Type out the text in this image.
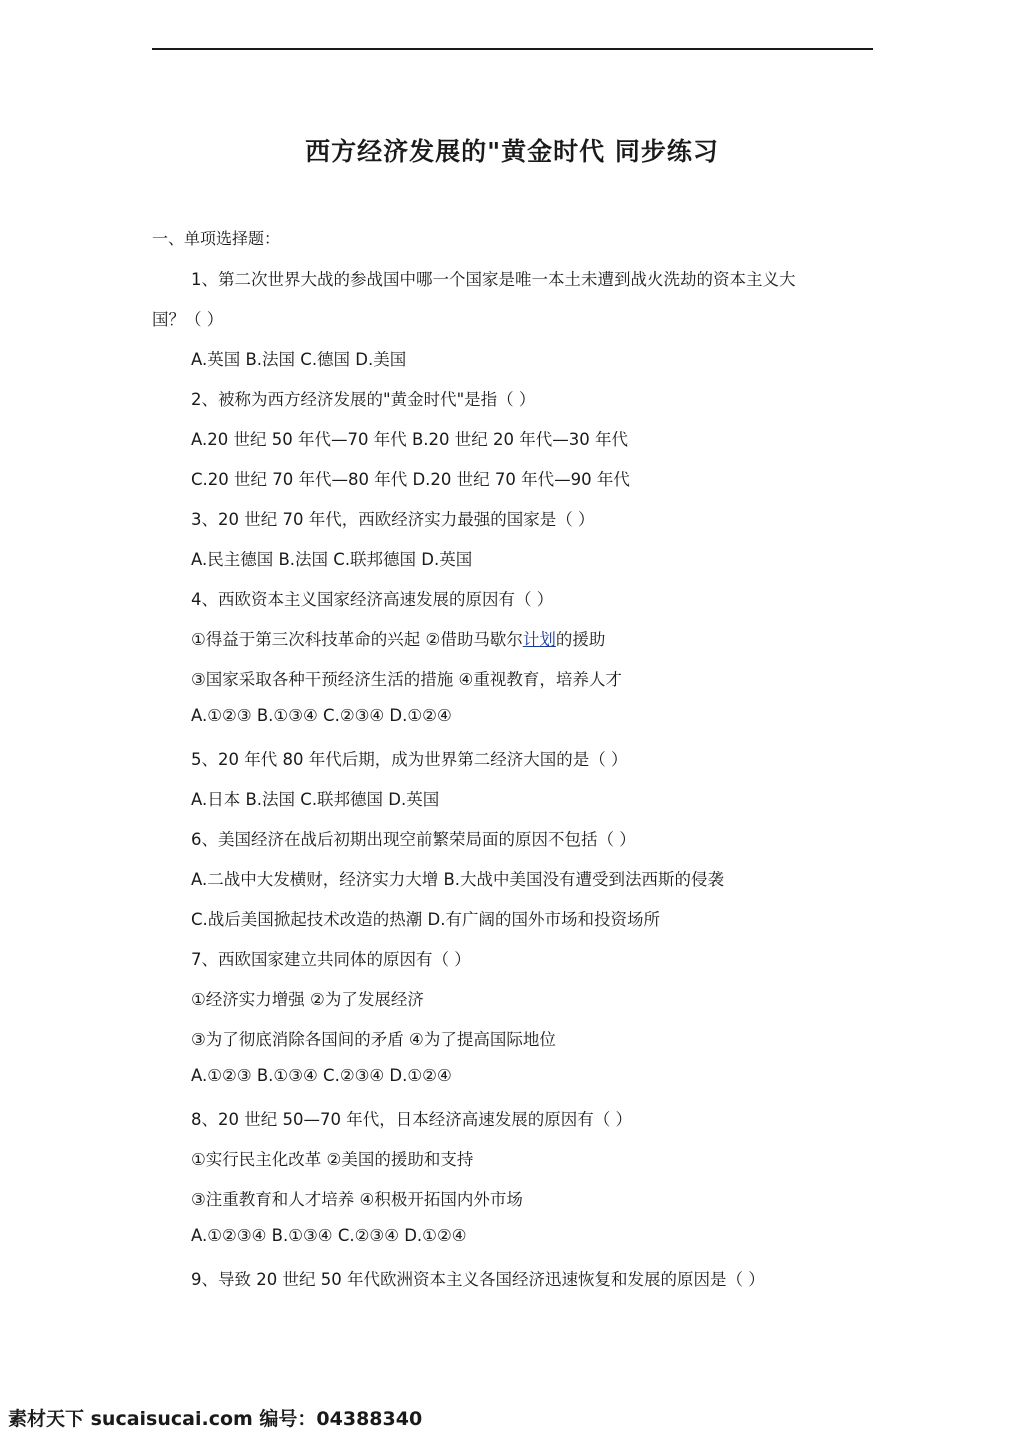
西方经济发展的"黄金时代 同步练习
一、单项选择题：
1、第二次世界大战的参战国中哪一个国家是唯一本土未遭到战火洗劫的资本主义大
国？（ ）
A.英国 B.法国 C.德国 D.美国
2、被称为西方经济发展的"黄金时代"是指（ ）
A.20 世纪 50 年代—70 年代 B.20 世纪 20 年代—30 年代
C.20 世纪 70 年代—80 年代 D.20 世纪 70 年代—90 年代
3、20 世纪 70 年代，西欧经济实力最强的国家是（ ）
A.民主德国 B.法国 C.联邦德国 D.英国
4、西欧资本主义国家经济高速发展的原因有（ ）
①得益于第三次科技革命的兴起 ②借助马歇尔计划的援助
③国家采取各种干预经济生活的措施 ④重视教育，培养人才
A.①②③ B.①③④ C.②③④ D.①②④
5、20 年代 80 年代后期，成为世界第二经济大国的是（ ）
A.日本 B.法国 C.联邦德国 D.英国
6、美国经济在战后初期出现空前繁荣局面的原因不包括（ ）
A.二战中大发横财，经济实力大增 B.大战中美国没有遭受到法西斯的侵袭
C.战后美国掀起技术改造的热潮 D.有广阔的国外市场和投资场所
7、西欧国家建立共同体的原因有（ ）
①经济实力增强 ②为了发展经济
③为了彻底消除各国间的矛盾 ④为了提高国际地位
A.①②③ B.①③④ C.②③④ D.①②④
8、20 世纪 50—70 年代，日本经济高速发展的原因有（ ）
①实行民主化改革 ②美国的援助和支持
③注重教育和人才培养 ④积极开拓国内外市场
A.①②③④ B.①③④ C.②③④ D.①②④
9、导致 20 世纪 50 年代欧洲资本主义各国经济迅速恢复和发展的原因是（ ）
素材天下 sucaisucai.com 编号：04388340
